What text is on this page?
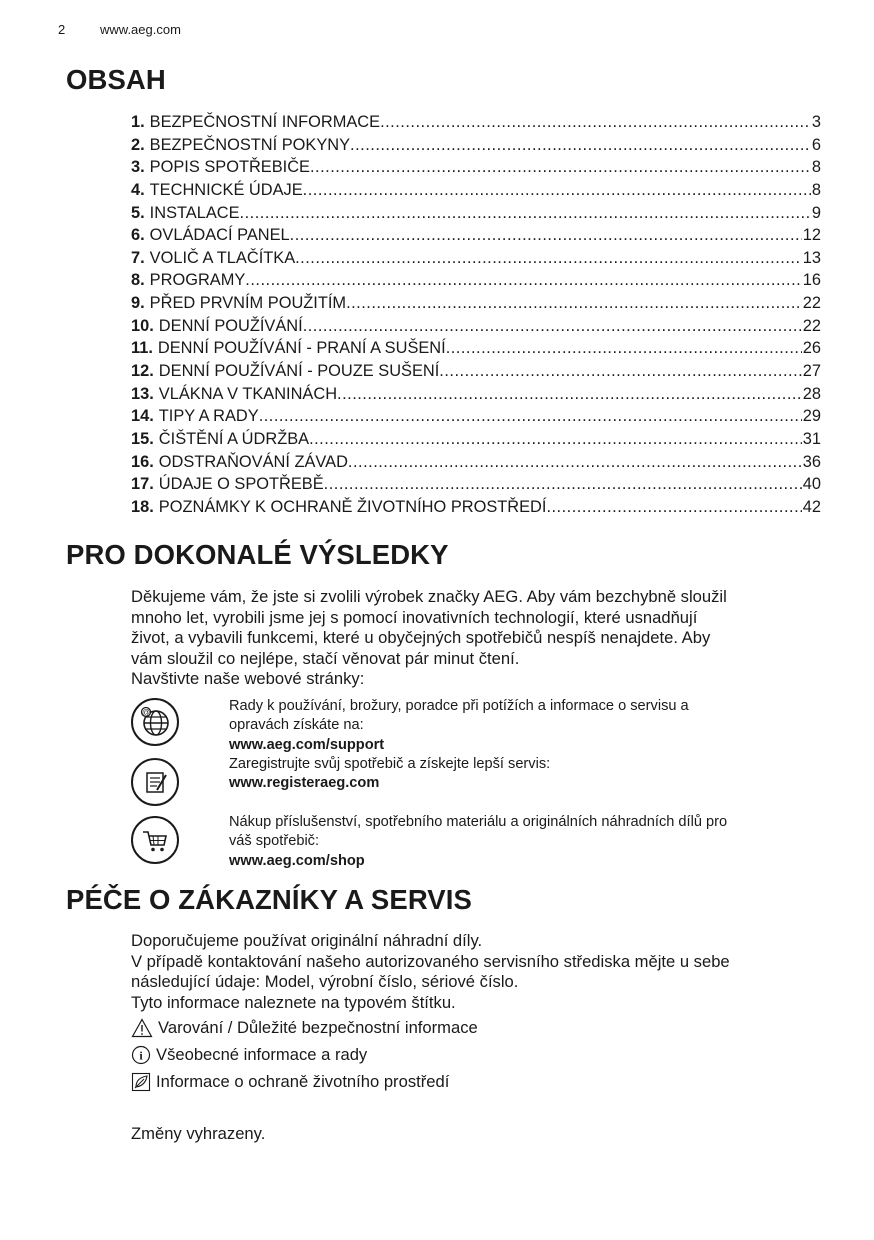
2	www.aeg.com
OBSAH
1. BEZPEČNOSTNÍ INFORMACE .....	3
2. BEZPEČNOSTNÍ POKYNY .....	6
3. POPIS SPOTŘEBIČE .....	8
4. TECHNICKÉ ÚDAJE .....	8
5. INSTALACE .....	9
6. OVLÁDACÍ PANEL .....	12
7. VOLIČ A TLAČÍTKA .....	13
8. PROGRAMY .....	16
9. PŘED PRVNÍM POUŽITÍM .....	22
10. DENNÍ POUŽÍVÁNÍ .....	22
11. DENNÍ POUŽÍVÁNÍ - PRANÍ A SUŠENÍ .....	26
12. DENNÍ POUŽÍVÁNÍ - POUZE SUŠENÍ .....	27
13. VLÁKNA V TKANINÁCH .....	28
14. TIPY A RADY .....	29
15. ČIŠTĚNÍ A ÚDRŽBA .....	31
16. ODSTRAŇOVÁNÍ ZÁVAD .....	36
17. ÚDAJE O SPOTŘEBĚ .....	40
18. POZNÁMKY K OCHRANĚ ŽIVOTNÍHO PROSTŘEDÍ .....	42
PRO DOKONALÉ VÝSLEDKY
Děkujeme vám, že jste si zvolili výrobek značky AEG. Aby vám bezchybně sloužil
mnoho let, vyrobili jsme jej s pomocí inovativních technologií, které usnadňují
život, a vybavili funkcemi, které u obyčejných spotřebičů nespíš nenajdete. Aby
vám sloužil co nejlépe, stačí věnovat pár minut čtení.
Navštivte naše webové stránky:
@	Rady k používání, brožury, poradce při potížích a informace o servisu a
opravách získáte na:
www.aeg.com/support
Zaregistrujte svůj spotřebič a získejte lepší servis:
www.registeraeg.com
Nákup příslušenství, spotřebního materiálu a originálních náhradních dílů pro
váš spotřebič:
www.aeg.com/shop
PÉČE O ZÁKAZNÍKY A SERVIS
Doporučujeme používat originální náhradní díly.
V případě kontaktování našeho autorizovaného servisního střediska mějte u sebe
následující údaje: Model, výrobní číslo, sériové číslo.
Tyto informace naleznete na typovém štítku.
Varování / Důležité bezpečnostní informace
i Všeobecné informace a rady
Informace o ochraně životního prostředí
Změny vyhrazeny.
